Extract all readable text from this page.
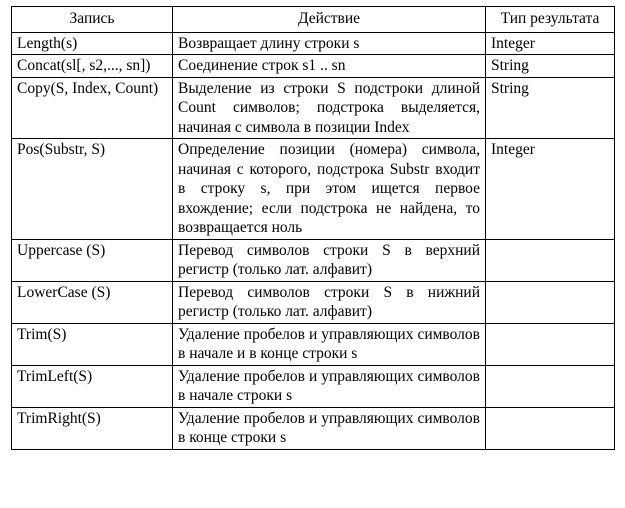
Запись	Действие	Тип результата
Length(s)	Возвращает длину строки s	Integer
Concat(sl[, s2,..., sn])	Соединение строк s1 .. sn	String
Copy(S, Index, Count)	Выделение из строки S подстроки длиной Count символов; подстрока выделяется, начиная с символа в позиции Index	String
Pos(Substr, S)	Определение позиции (номера) символа, начиная с которого, подстрока Substr входит в строку s, при этом ищется первое вхождение; если подстрока не найдена, то возвращается ноль	Integer
Uppercase (S)	Перевод символов строки S в верхний регистр (только лат. алфавит)	
LowerCase (S)	Перевод символов строки S в нижний регистр (только лат. алфавит)	
Trim(S)	Удаление пробелов и управляющих символов в начале и в конце строки s	
TrimLeft(S)	Удаление пробелов и управляющих символов в начале строки s	
TrimRight(S)	Удаление пробелов и управляющих символов в конце строки s	
